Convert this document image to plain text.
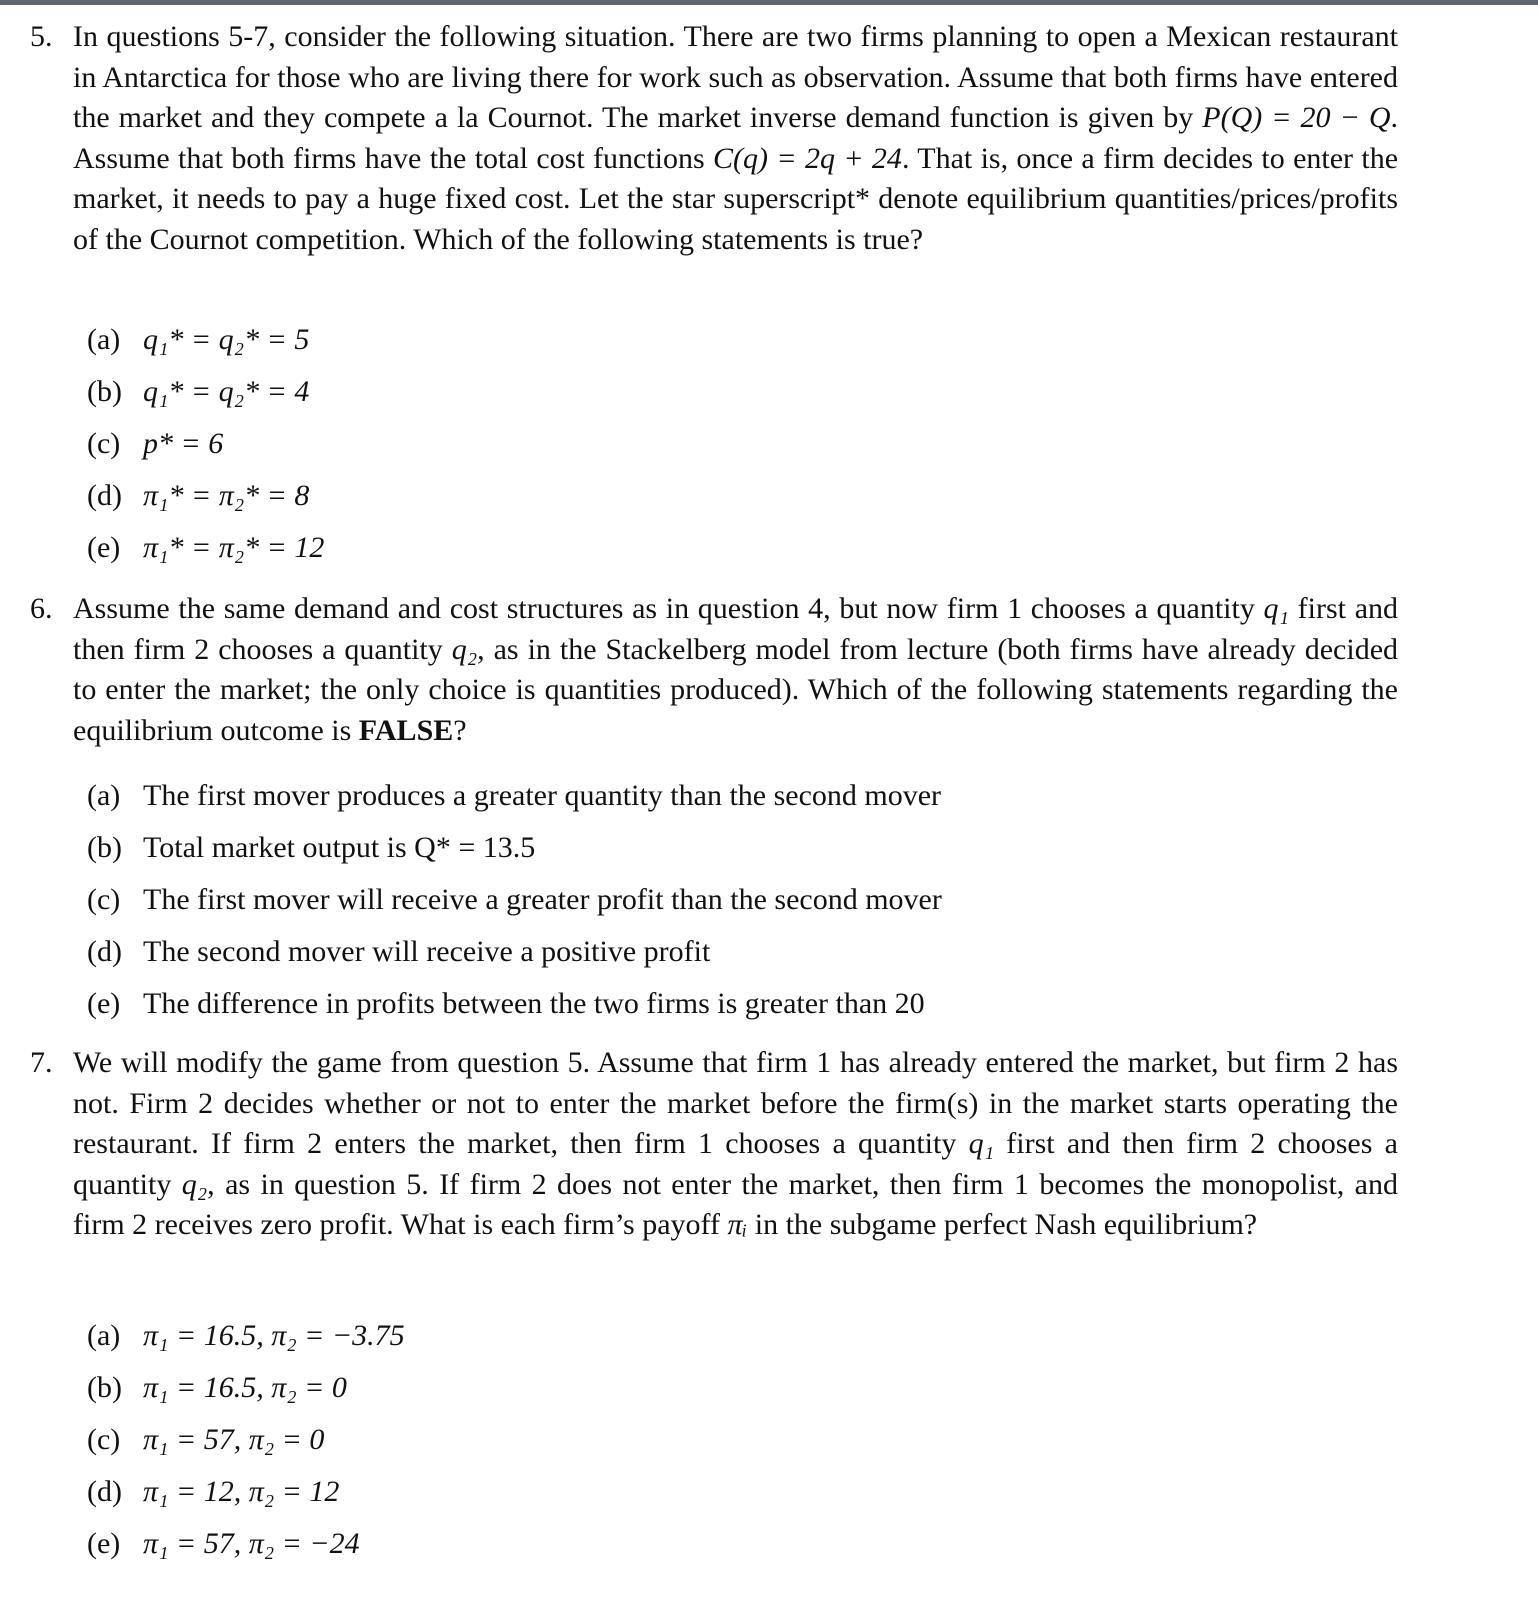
5. In questions 5-7, consider the following situation. There are two firms planning to open a Mexican restaurant in Antarctica for those who are living there for work such as observation. Assume that both firms have entered the market and they compete a la Cournot. The market inverse demand function is given by P(Q) = 20 − Q. Assume that both firms have the total cost functions C(q) = 2q + 24. That is, once a firm decides to enter the market, it needs to pay a huge fixed cost. Let the star superscript* denote equilibrium quantities/prices/profits of the Cournot competition. Which of the following statements is true?
(a) q₁* = q₂* = 5
(b) q₁* = q₂* = 4
(c) p* = 6
(d) π₁* = π₂* = 8
(e) π₁* = π₂* = 12
6. Assume the same demand and cost structures as in question 4, but now firm 1 chooses a quantity q₁ first and then firm 2 chooses a quantity q₂, as in the Stackelberg model from lecture (both firms have already decided to enter the market; the only choice is quantities produced). Which of the following statements regarding the equilibrium outcome is FALSE?
(a) The first mover produces a greater quantity than the second mover
(b) Total market output is Q* = 13.5
(c) The first mover will receive a greater profit than the second mover
(d) The second mover will receive a positive profit
(e) The difference in profits between the two firms is greater than 20
7. We will modify the game from question 5. Assume that firm 1 has already entered the market, but firm 2 has not. Firm 2 decides whether or not to enter the market before the firm(s) in the market starts operating the restaurant. If firm 2 enters the market, then firm 1 chooses a quantity q₁ first and then firm 2 chooses a quantity q₂, as in question 5. If firm 2 does not enter the market, then firm 1 becomes the monopolist, and firm 2 receives zero profit. What is each firm’s payoff πᵢ in the subgame perfect Nash equilibrium?
(a) π₁ = 16.5, π₂ = −3.75
(b) π₁ = 16.5, π₂ = 0
(c) π₁ = 57, π₂ = 0
(d) π₁ = 12, π₂ = 12
(e) π₁ = 57, π₂ = −24
